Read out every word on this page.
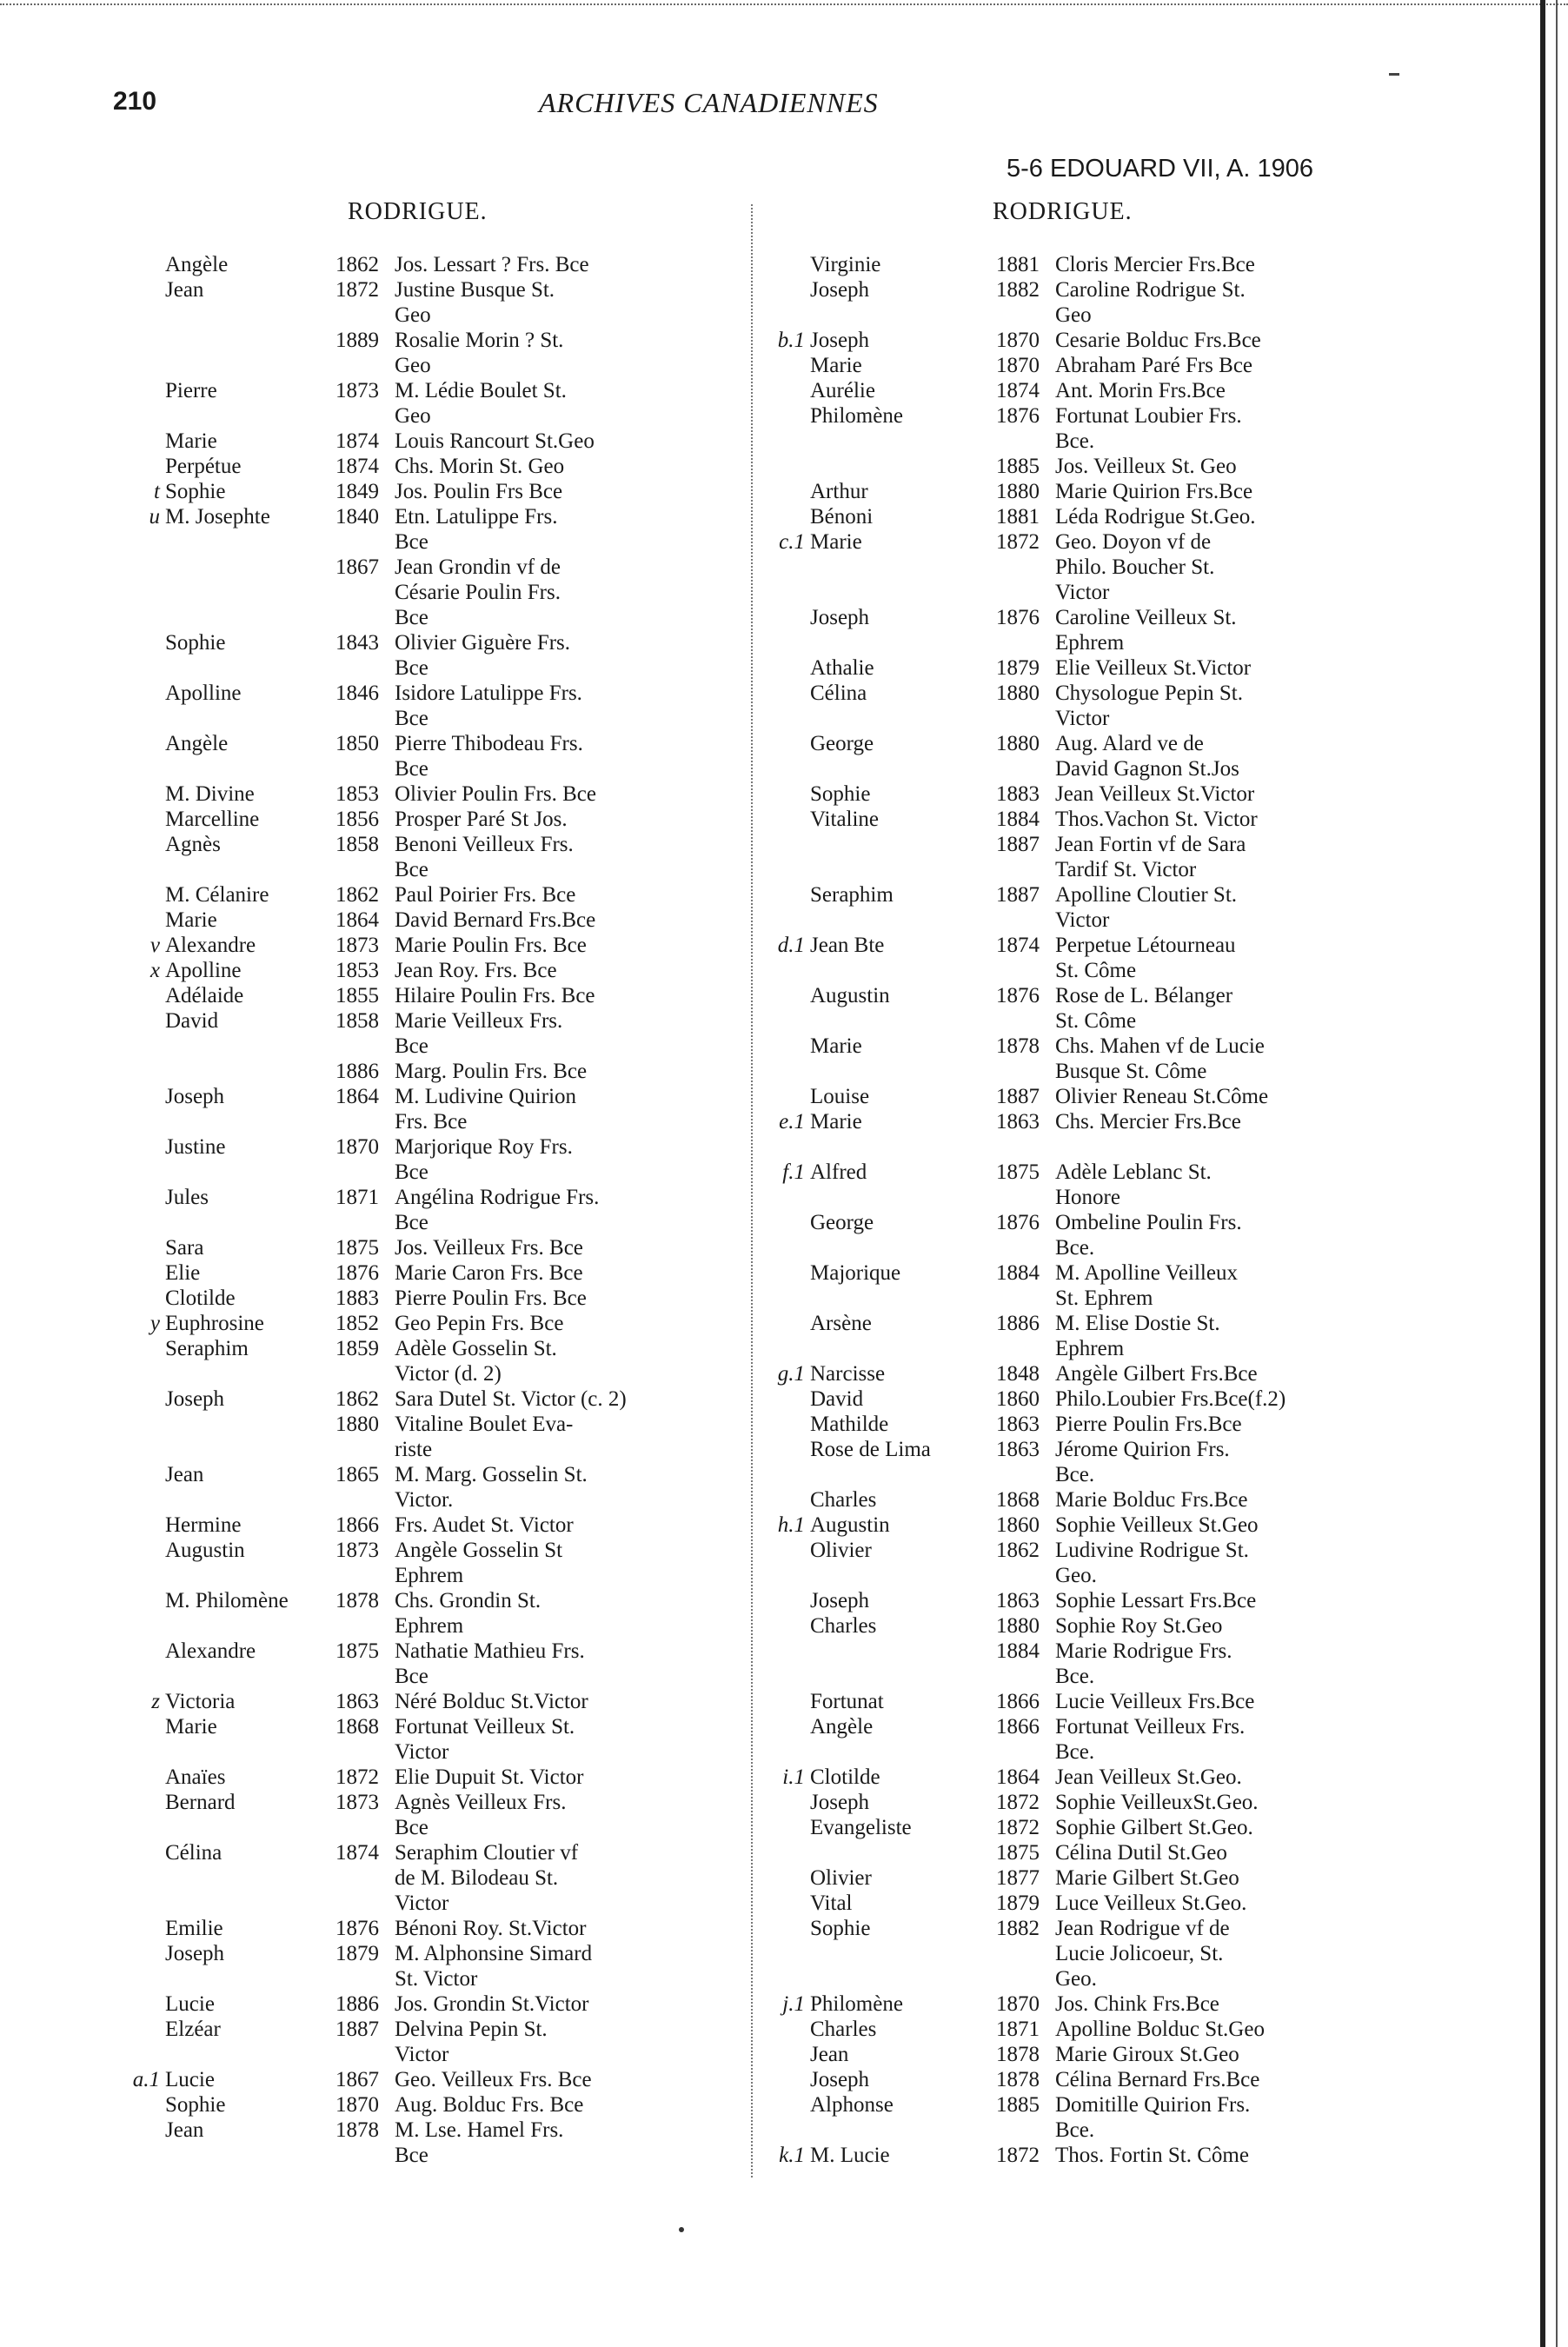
210	ARCHIVES CANADIENNES
5-6 EDOUARD VII, A. 1906
RODRIGUE.	RODRIGUE.

Angèle	1862 Jos. Lessart ? Frs. Bce

Jean	1872 Justine Busque St.

Geo

1889 Rosalie Morin ? St.

Geo

Pierre	1873 M. Lédie Boulet St.

Geo

Marie	1874 Louis Rancourt St.Geo

Perpétue	1874 Chs. Morin St. Geo
t Sophie	1849 Jos. Poulin Frs Bce
u M. Josephte	1840 Etn. Latulippe Frs.

Bce

1867 Jean Grondin vf de

Césarie Poulin Frs.

Bce

Sophie	1843 Olivier Giguère Frs.

Bce

Apolline	1846 Isidore Latulippe Frs.

Bce

Angèle	1850 Pierre Thibodeau Frs.

Bce

M. Divine	1853 Olivier Poulin Frs. Bce

Marcelline	1856 Prosper Paré St Jos.

Agnès	1858 Benoni Veilleux Frs.

Bce

M. Célanire	1862 Paul Poirier Frs. Bce

Marie	1864 David Bernard Frs.Bce
v Alexandre	1873 Marie Poulin Frs. Bce
x Apolline	1853 Jean Roy. Frs. Bce

Adélaide	1855 Hilaire Poulin Frs. Bce

David	1858 Marie Veilleux Frs.

Bce

1886 Marg. Poulin Frs. Bce

Joseph	1864 M. Ludivine Quirion

Frs. Bce

Justine	1870 Marjorique Roy Frs.

Bce

Jules	1871 Angélina Rodrigue Frs.

Bce

Sara	1875 Jos. Veilleux Frs. Bce

Elie	1876 Marie Caron Frs. Bce

Clotilde	1883 Pierre Poulin Frs. Bce
y Euphrosine	1852 Geo Pepin Frs. Bce

Seraphim	1859 Adèle Gosselin St.

Victor (d. 2)

Joseph	1862 Sara Dutel St. Victor (c. 2)

1880 Vitaline Boulet Eva-

riste

Jean	1865 M. Marg. Gosselin St.

Victor.

Hermine	1866 Frs. Audet St. Victor

Augustin	1873 Angèle Gosselin St

Ephrem

M. Philomène	1878 Chs. Grondin St.

Ephrem

Alexandre	1875 Nathatie Mathieu Frs.

Bce
z Victoria	1863 Néré Bolduc St.Victor

Marie	1868 Fortunat Veilleux St.

Victor

Anaïes	1872 Elie Dupuit St. Victor

Bernard	1873 Agnès Veilleux Frs.

Bce

Célina	1874 Seraphim Cloutier vf

de M. Bilodeau St.

Victor

Emilie	1876 Bénoni Roy. St.Victor

Joseph	1879 M. Alphonsine Simard

St. Victor

Lucie	1886 Jos. Grondin St.Victor

Elzéar	1887 Delvina Pepin St.

Victor
a.1 Lucie	1867 Geo. Veilleux Frs. Bce

Sophie	1870 Aug. Bolduc Frs. Bce

Jean	1878 M. Lse. Hamel Frs.

Bce

Virginie	1881 Cloris Mercier Frs.Bce

Joseph	1882 Caroline Rodrigue St.

Geo
b.1 Joseph	1870 Cesarie Bolduc Frs.Bce

Marie	1870 Abraham Paré Frs Bce

Aurélie	1874 Ant. Morin Frs.Bce

Philomène	1876 Fortunat Loubier Frs.

Bce.

1885 Jos. Veilleux St. Geo

Arthur	1880 Marie Quirion Frs.Bce

Bénoni	1881 Léda Rodrigue St.Geo.
c.1 Marie	1872 Geo. Doyon vf de

Philo. Boucher St.

Victor

Joseph	1876 Caroline Veilleux St.

Ephrem

Athalie	1879 Elie Veilleux St.Victor

Célina	1880 Chysologue Pepin St.

Victor

George	1880 Aug. Alard ve de

David Gagnon St.Jos

Sophie	1883 Jean Veilleux St.Victor

Vitaline	1884 Thos.Vachon St. Victor

1887 Jean Fortin vf de Sara

Tardif St. Victor

Seraphim	1887 Apolline Cloutier St.

Victor
d.1 Jean Bte	1874 Perpetue Létourneau

St. Côme

Augustin	1876 Rose de L. Bélanger

St. Côme

Marie	1878 Chs. Mahen vf de Lucie

Busque St. Côme

Louise	1887 Olivier Reneau St.Côme
e.1 Marie	1863 Chs. Mercier Frs.Bce

f.1 Alfred	1875 Adèle Leblanc St.

Honore

George	1876 Ombeline Poulin Frs.

Bce.

Majorique	1884 M. Apolline Veilleux

St. Ephrem

Arsène	1886 M. Elise Dostie St.

Ephrem
g.1 Narcisse	1848 Angèle Gilbert Frs.Bce

David	1860 Philo.Loubier Frs.Bce(f.2)

Mathilde	1863 Pierre Poulin Frs.Bce

Rose de Lima	1863 Jérome Quirion Frs.

Bce.

Charles	1868 Marie Bolduc Frs.Bce
h.1 Augustin	1860 Sophie Veilleux St.Geo

Olivier	1862 Ludivine Rodrigue St.

Geo.

Joseph	1863 Sophie Lessart Frs.Bce

Charles	1880 Sophie Roy St.Geo

1884 Marie Rodrigue Frs.

Bce.

Fortunat	1866 Lucie Veilleux Frs.Bce

Angèle	1866 Fortunat Veilleux Frs.

Bce.
i.1 Clotilde	1864 Jean Veilleux St.Geo.

Joseph	1872 Sophie VeilleuxSt.Geo.

Evangeliste	1872 Sophie Gilbert St.Geo.

1875 Célina Dutil St.Geo

Olivier	1877 Marie Gilbert St.Geo

Vital	1879 Luce Veilleux St.Geo.

Sophie	1882 Jean Rodrigue vf de

Lucie Jolicoeur, St.

Geo.
j.1 Philomène	1870 Jos. Chink Frs.Bce

Charles	1871 Apolline Bolduc St.Geo

Jean	1878 Marie Giroux St.Geo

Joseph	1878 Célina Bernard Frs.Bce

Alphonse	1885 Domitille Quirion Frs.

Bce.
k.1 M. Lucie	1872 Thos. Fortin St. Côme
